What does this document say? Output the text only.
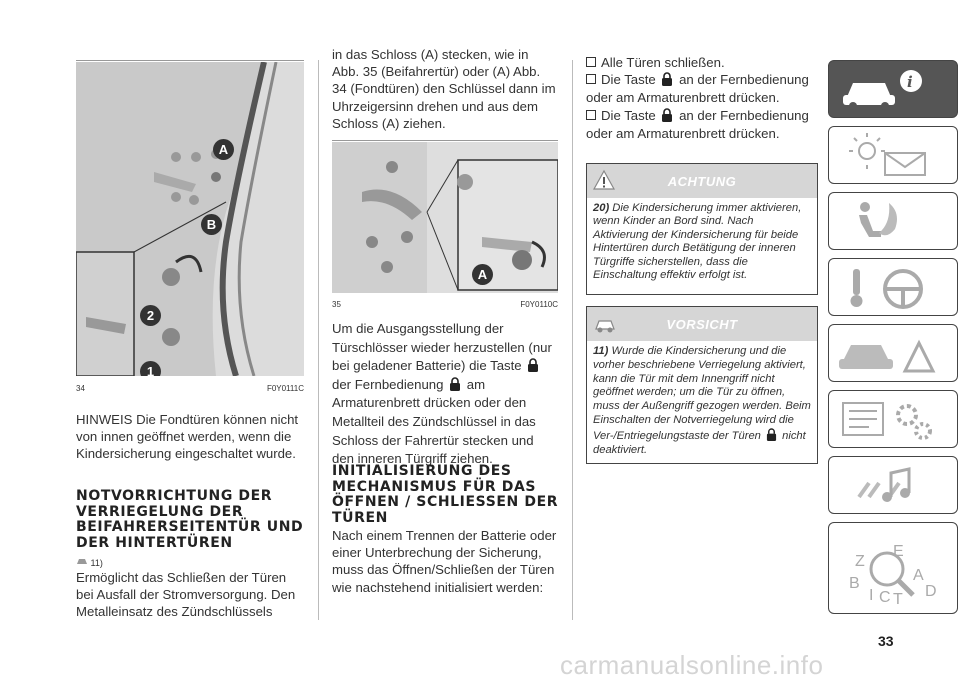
A
B
2
1
34	F0Y0111C

HINWEIS Die Fondtüren können nicht von innen geöffnet werden, wenn die Kindersicherung eingeschaltet wurde.

NOTVORRICHTUNG DER VERRIEGELUNG DER BEIFAHRERSEITENTÜR UND DER HINTERTÜREN
11)

Ermöglicht das Schließen der Türen bei Ausfall der Stromversorgung. Den Metalleinsatz des Zündschlüssels

in das Schloss (A) stecken, wie in Abb. 35 (Beifahrertür) oder (A) Abb. 34 (Fondtüren) den Schlüssel dann im Uhrzeigersinn drehen und aus dem Schloss (A) ziehen.

A
35	F0Y0110C

Um die Ausgangsstellung der Türschlösser wieder herzustellen (nur bei geladener Batterie) die Taste  der Fernbedienung am Armaturenbrett drücken oder den Metallteil des Zündschlüssel in das Schloss der Fahrertür stecken und den inneren Türgriff ziehen.

INITIALISIERUNG DES MECHANISMUS FÜR DAS ÖFFNEN / SCHLIESSEN DER TÜREN

Nach einem Trennen der Batterie oder einer Unterbrechung der Sicherung, muss das Öffnen/Schließen der Türen wie nachstehend initialisiert werden:

Alle Türen schließen.
Die Taste an der Fernbedienung oder am Armaturenbrett drücken.
Die Taste an der Fernbedienung oder am Armaturenbrett drücken.
ACHTUNG
20) Die Kindersicherung immer aktivieren, wenn Kinder an Bord sind. Nach Aktivierung der Kindersicherung für beide Hintertüren durch Betätigung der inneren Türgriffe sicherstellen, dass die Einschaltung effektiv erfolgt ist.
VORSICHT
11) Wurde die Kindersicherung und die vorher beschriebene Verriegelung aktiviert, kann die Tür mit dem Innengriff nicht geöffnet werden; um die Tür zu öffnen, muss der Außengriff gezogen werden. Beim Einschalten der Notverriegelung wird die Ver-/Entriegelungstaste der Türen nicht deaktiviert.
i
Z
E
B	A
I C T D
33
carmanualsonline.info
